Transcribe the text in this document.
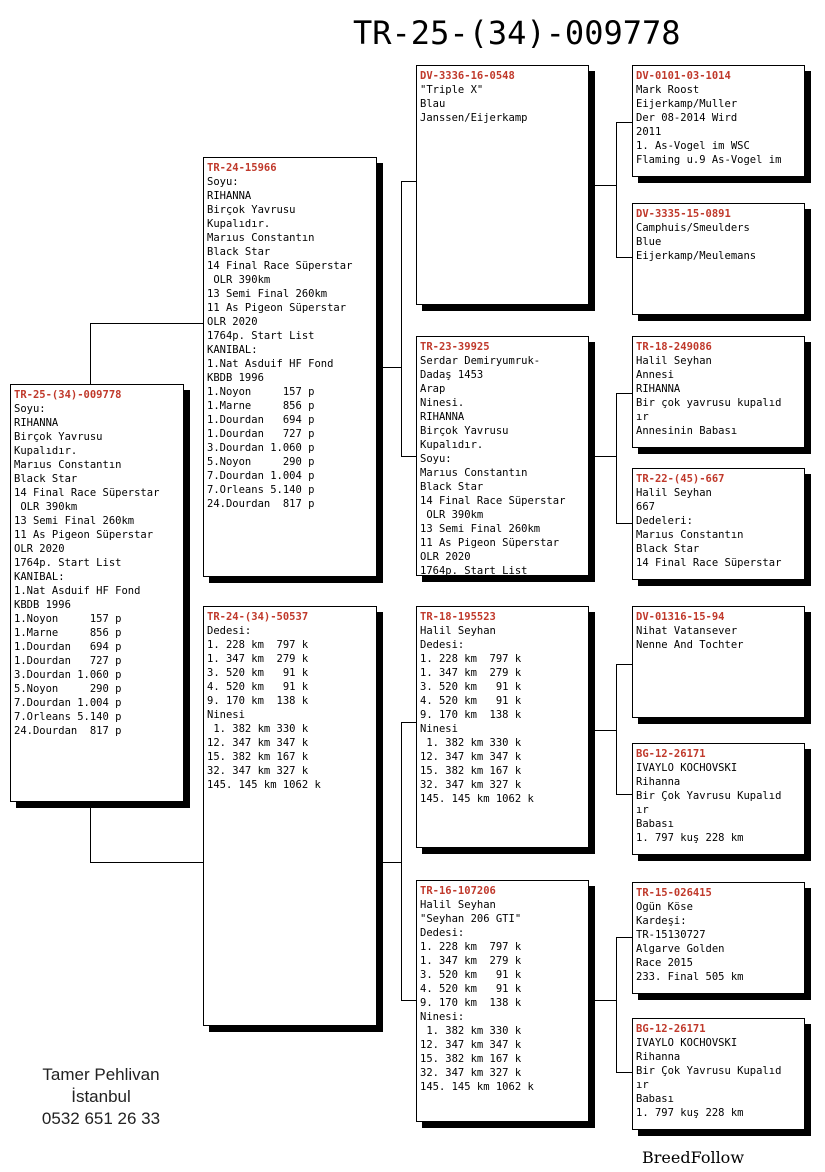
TR-25-(34)-009778
TR-25-(34)-009778
Soyu:
RIHANNA
Birçok Yavrusu
Kupalıdır.
Marıus Constantın
Black Star
14 Final Race Süperstar
OLR 390km
13 Semi Final 260km
11 As Pigeon Süperstar
OLR 2020
1764p. Start List
KANIBAL:
1.Nat Asduif HF Fond
KBDB 1996
1.Noyon     157 p
1.Marne     856 p
1.Dourdan   694 p
1.Dourdan   727 p
3.Dourdan 1.060 p
5.Noyon     290 p
7.Dourdan 1.004 p
7.Orleans 5.140 p
24.Dourdan  817 p
TR-24-15966
Soyu:
RIHANNA
Birçok Yavrusu
Kupalıdır.
Marıus Constantın
Black Star
14 Final Race Süperstar
OLR 390km
13 Semi Final 260km
11 As Pigeon Süperstar
OLR 2020
1764p. Start List
KANIBAL:
1.Nat Asduif HF Fond
KBDB 1996
1.Noyon     157 p
1.Marne     856 p
1.Dourdan   694 p
1.Dourdan   727 p
3.Dourdan 1.060 p
5.Noyon     290 p
7.Dourdan 1.004 p
7.Orleans 5.140 p
24.Dourdan  817 p
TR-24-(34)-50537
Dedesi:
1. 228 km  797 k
1. 347 km  279 k
3. 520 km   91 k
4. 520 km   91 k
9. 170 km  138 k
Ninesi
1. 382 km 330 k
12. 347 km 347 k
15. 382 km 167 k
32. 347 km 327 k
145. 145 km 1062 k
DV-3336-16-0548
"Triple X"
Blau
Janssen/Eijerkamp
TR-23-39925
Serdar Demiryumruk-
Dadaş 1453
Arap
Ninesi.
RIHANNA
Birçok Yavrusu
Kupalıdır.
Soyu:
Marıus Constantın
Black Star
14 Final Race Süperstar
OLR 390km
13 Semi Final 260km
11 As Pigeon Süperstar
OLR 2020
1764p. Start List
TR-18-195523
Halil Seyhan
Dedesi:
1. 228 km  797 k
1. 347 km  279 k
3. 520 km   91 k
4. 520 km   91 k
9. 170 km  138 k
Ninesi
1. 382 km 330 k
12. 347 km 347 k
15. 382 km 167 k
32. 347 km 327 k
145. 145 km 1062 k
TR-16-107206
Halil Seyhan
"Seyhan 206 GTI"
Dedesi:
1. 228 km  797 k
1. 347 km  279 k
3. 520 km   91 k
4. 520 km   91 k
9. 170 km  138 k
Ninesi:
1. 382 km 330 k
12. 347 km 347 k
15. 382 km 167 k
32. 347 km 327 k
145. 145 km 1062 k
DV-0101-03-1014
Mark Roost
Eijerkamp/Muller
Der 08-2014 Wird
2011
1. As-Vogel im WSC
Flaming u.9 As-Vogel im
DV-3335-15-0891
Camphuis/Smeulders
Blue
Eijerkamp/Meulemans
TR-18-249086
Halil Seyhan
Annesi
RIHANNA
Bir çok yavrusu kupalıd
ır
Annesinin Babası
TR-22-(45)-667
Halil Seyhan
667
Dedeleri:
Marıus Constantın
Black Star
14 Final Race Süperstar
DV-01316-15-94
Nihat Vatansever
Nenne And Tochter
BG-12-26171
IVAYLO KOCHOVSKI
Rihanna
Bir Çok Yavrusu Kupalıd
ır
Babası
1. 797 kuş 228 km
TR-15-026415
Ogün Köse
Kardeşi:
TR-15130727
Algarve Golden
Race 2015
233. Final 505 km
BG-12-26171
IVAYLO KOCHOVSKI
Rihanna
Bir Çok Yavrusu Kupalıd
ır
Babası
1. 797 kuş 228 km
Tamer Pehlivan
İstanbul
0532 651 26 33
BreedFollow
